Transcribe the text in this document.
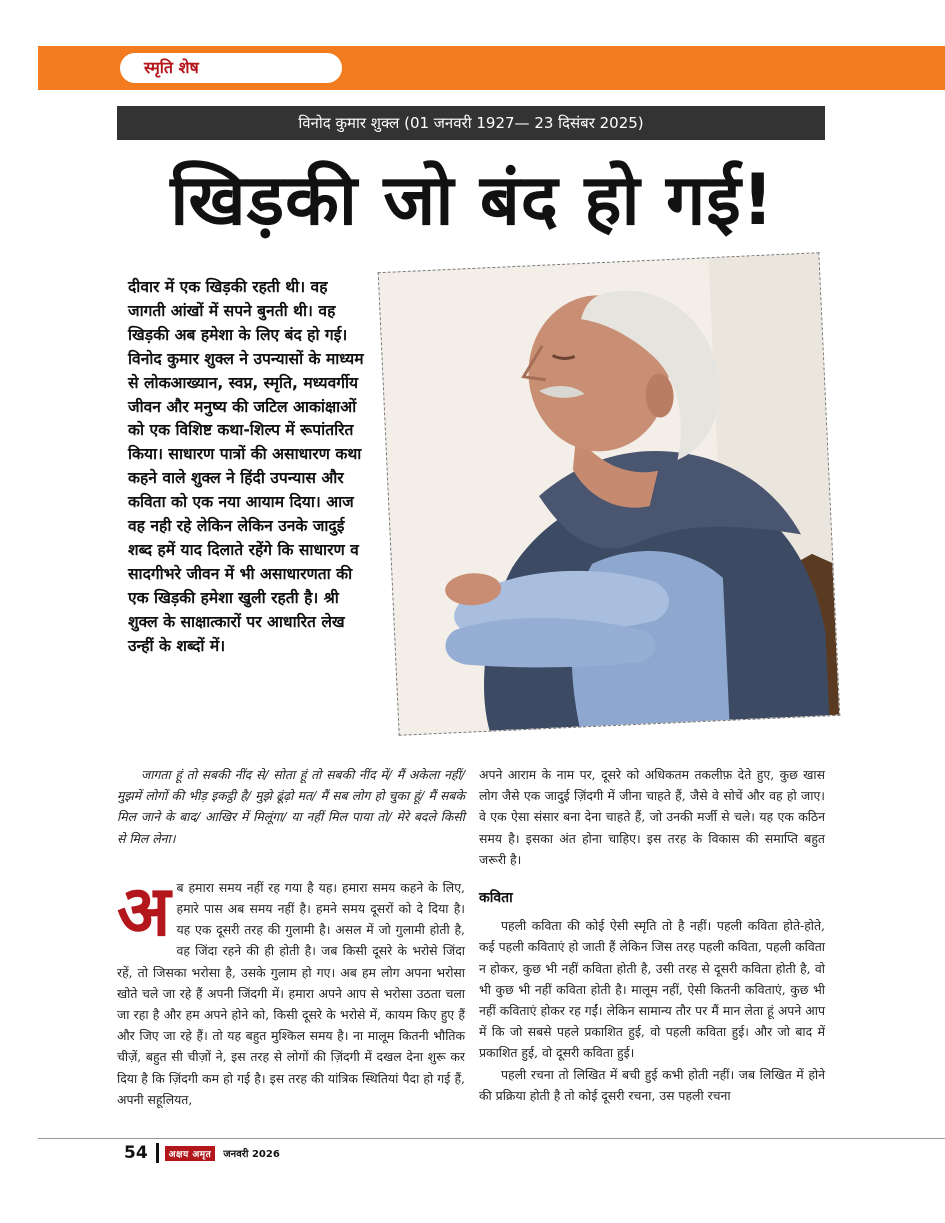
स्मृति शेष
विनोद कुमार शुक्ल (01 जनवरी 1927— 23 दिसंबर 2025)
खिड़की जो बंद हो गई!
दीवार में एक खिड़की रहती थी। वह जागती आंखों में सपने बुनती थी। वह खिड़की अब हमेशा के लिए बंद हो गई। विनोद कुमार शुक्ल ने उपन्यासों के माध्यम से लोकआख्यान, स्वप्न, स्मृति, मध्यवर्गीय जीवन और मनुष्य की जटिल आकांक्षाओं को एक विशिष्ट कथा-शिल्प में रूपांतरित किया। साधारण पात्रों की असाधारण कथा कहने वाले शुक्ल ने हिंदी उपन्यास और कविता को एक नया आयाम दिया। आज वह नही रहे लेकिन लेकिन उनके जादुई शब्द हमें याद दिलाते रहेंगे कि साधारण व सादगीभरे जीवन में भी असाधारणता की एक खिड़की हमेशा खुली रहती है। श्री शुक्ल के साक्षात्कारों पर आधारित लेख उन्हीं के शब्दों में।

जागता हूं तो सबकी नींद से/ सोता हूं तो सबकी नींद में/ मैं अकेला नहीं/ मुझमें लोगों की भीड़ इकट्ठी है/ मुझे ढूंढ़ो मत/ मैं सब लोग हो चुका हूं/ मैं सबके मिल जाने के बाद/ आखिर में मिलूंगा/ या नहीं मिल पाया तो/ मेरे बदले किसी से मिल लेना।

अ ब हमारा समय नहीं रह गया है यह। हमारा समय कहने के लिए, हमारे पास अब समय नहीं है। हमने समय दूसरों को दे दिया है। यह एक दूसरी तरह की गुलामी है। असल में जो गुलामी होती है, वह जिंदा रहने की ही होती है। जब किसी दूसरे के भरोसे जिंदा रहें, तो जिसका भरोसा है, उसके गुलाम हो गए। अब हम लोग अपना भरोसा खोते चले जा रहे हैं अपनी जिंदगी में। हमारा अपने आप से भरोसा उठता चला जा रहा है और हम अपने होने को, किसी दूसरे के भरोसे में, कायम किए हुए हैं और जिए जा रहे हैं। तो यह बहुत मुश्किल समय है। ना मालूम कितनी भौतिक चीज़ें, बहुत सी चीज़ों ने, इस तरह से लोगों की ज़िंदगी में दखल देना शुरू कर दिया है कि ज़िंदगी कम हो गई है। इस तरह की यांत्रिक स्थितियां पैदा हो गई हैं, अपनी सहूलियत,

अपने आराम के नाम पर, दूसरे को अधिकतम तकलीफ़ देते हुए, कुछ खास लोग जैसे एक जादुई ज़िंदगी में जीना चाहते हैं, जैसे वे सोचें और वह हो जाए। वे एक ऐसा संसार बना देना चाहते हैं, जो उनकी मर्जी से चले। यह एक कठिन समय है। इसका अंत होना चाहिए। इस तरह के विकास की समाप्ति बहुत जरूरी है।

कविता

पहली कविता की कोई ऐसी स्मृति तो है नहीं। पहली कविता होते-होते, कई पहली कविताएं हो जाती हैं लेकिन जिस तरह पहली कविता, पहली कविता न होकर, कुछ भी नहीं कविता होती है, उसी तरह से दूसरी कविता होती है, वो भी कुछ भी नहीं कविता होती है। मालूम नहीं, ऐसी कितनी कविताएं, कुछ भी नहीं कविताएं होकर रह गईं। लेकिन सामान्य तौर पर मैं मान लेता हूं अपने आप में कि जो सबसे पहले प्रकाशित हुई, वो पहली कविता हुई। और जो बाद में प्रकाशित हुई, वो दूसरी कविता हुई।

पहली रचना तो लिखित में बची हुई कभी होती नहीं। जब लिखित में होने की प्रक्रिया होती है तो कोई दूसरी रचना, उस पहली रचना

54	अक्षय अमृत	जनवरी 2026
